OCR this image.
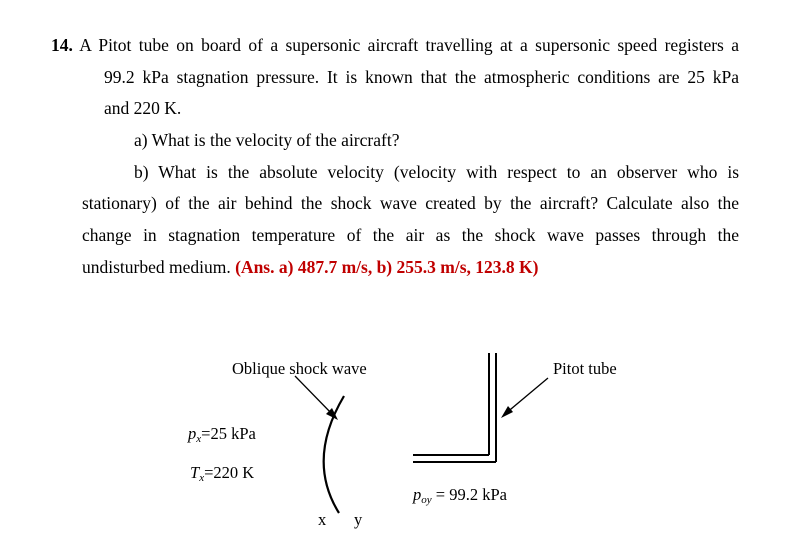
14. A Pitot tube on board of a supersonic aircraft travelling at a supersonic speed registers a
99.2 kPa stagnation pressure. It is known that the atmospheric conditions are 25 kPa
and 220 K.
a) What is the velocity of the aircraft?
b) What is the absolute velocity (velocity with respect to an observer who is
stationary) of the air behind the shock wave created by the aircraft? Calculate also the
change in stagnation temperature of the air as the shock wave passes through the
undisturbed medium. (Ans. a) 487.7 m/s, b) 255.3 m/s, 123.8 K)
Oblique shock wave	Pitot tube
$p_x=25$ kPa
$T_x=220$ K
$p_{oy} = 99.2$ kPa
x y
